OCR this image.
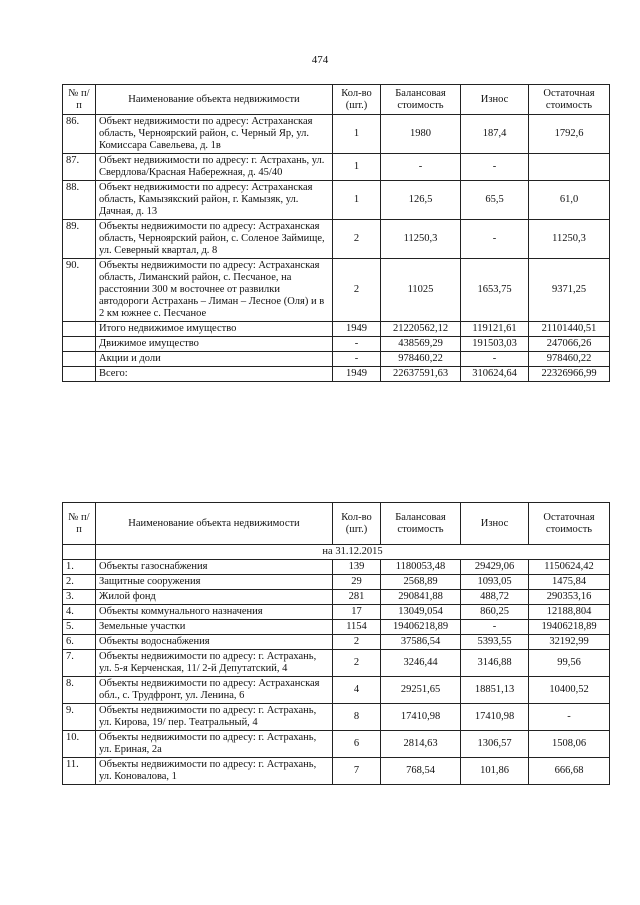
474
№ п/п	Наименование объекта недвижимости	Кол-во (шт.)	Балансовая стоимость	Износ	Остаточная стоимость
86.	Объект недвижимости по адресу: Астраханская область, Черноярский район, с. Черный Яр, ул. Комиссара Савельева, д. 1в	1	1980	187,4	1792,6
87.	Объект недвижимости по адресу: г. Астрахань, ул. Свердлова/Красная Набережная, д. 45/40	1	-	-	
88.	Объект недвижимости по адресу: Астраханская область, Камызякский район, г. Камызяк, ул. Дачная, д. 13	1	126,5	65,5	61,0
89.	Объекты недвижимости по адресу: Астраханская область, Черноярский район, с. Соленое Займище, ул. Северный квартал, д. 8	2	11250,3	-	11250,3
90.	Объекты недвижимости по адресу: Астраханская область, Лиманский район, с. Песчаное, на расстоянии 300 м восточнее от развилки автодороги Астрахань – Лиман – Лесное (Оля) и в 2 км южнее с. Песчаное	2	11025	1653,75	9371,25
	Итого недвижимое имущество	1949	21220562,12	119121,61	21101440,51
	Движимое имущество	-	438569,29	191503,03	247066,26
	Акции и доли	-	978460,22	-	978460,22
	Всего:	1949	22637591,63	310624,64	22326966,99
№ п/п	Наименование объекта недвижимости	Кол-во (шт.)	Балансовая стоимость	Износ	Остаточная стоимость
	на 31.12.2015				
1.	Объекты газоснабжения	139	1180053,48	29429,06	1150624,42
2.	Защитные сооружения	29	2568,89	1093,05	1475,84
3.	Жилой фонд	281	290841,88	488,72	290353,16
4.	Объекты коммунального назначения	17	13049,054	860,25	12188,804
5.	Земельные участки	1154	19406218,89	-	19406218,89
6.	Объекты водоснабжения	2	37586,54	5393,55	32192,99
7.	Объекты недвижимости по адресу: г. Астрахань, ул. 5-я Керченская, 11/ 2-й Депутатский, 4	2	3246,44	3146,88	99,56
8.	Объекты недвижимости по адресу: Астраханская обл., с. Трудфронт, ул. Ленина, 6	4	29251,65	18851,13	10400,52
9.	Объекты недвижимости по адресу: г. Астрахань, ул. Кирова, 19/ пер. Театральный, 4	8	17410,98	17410,98	-
10.	Объекты недвижимости по адресу: г. Астрахань, ул. Ериная, 2а	6	2814,63	1306,57	1508,06
11.	Объекты недвижимости по адресу: г. Астрахань, ул. Коновалова, 1	7	768,54	101,86	666,68
